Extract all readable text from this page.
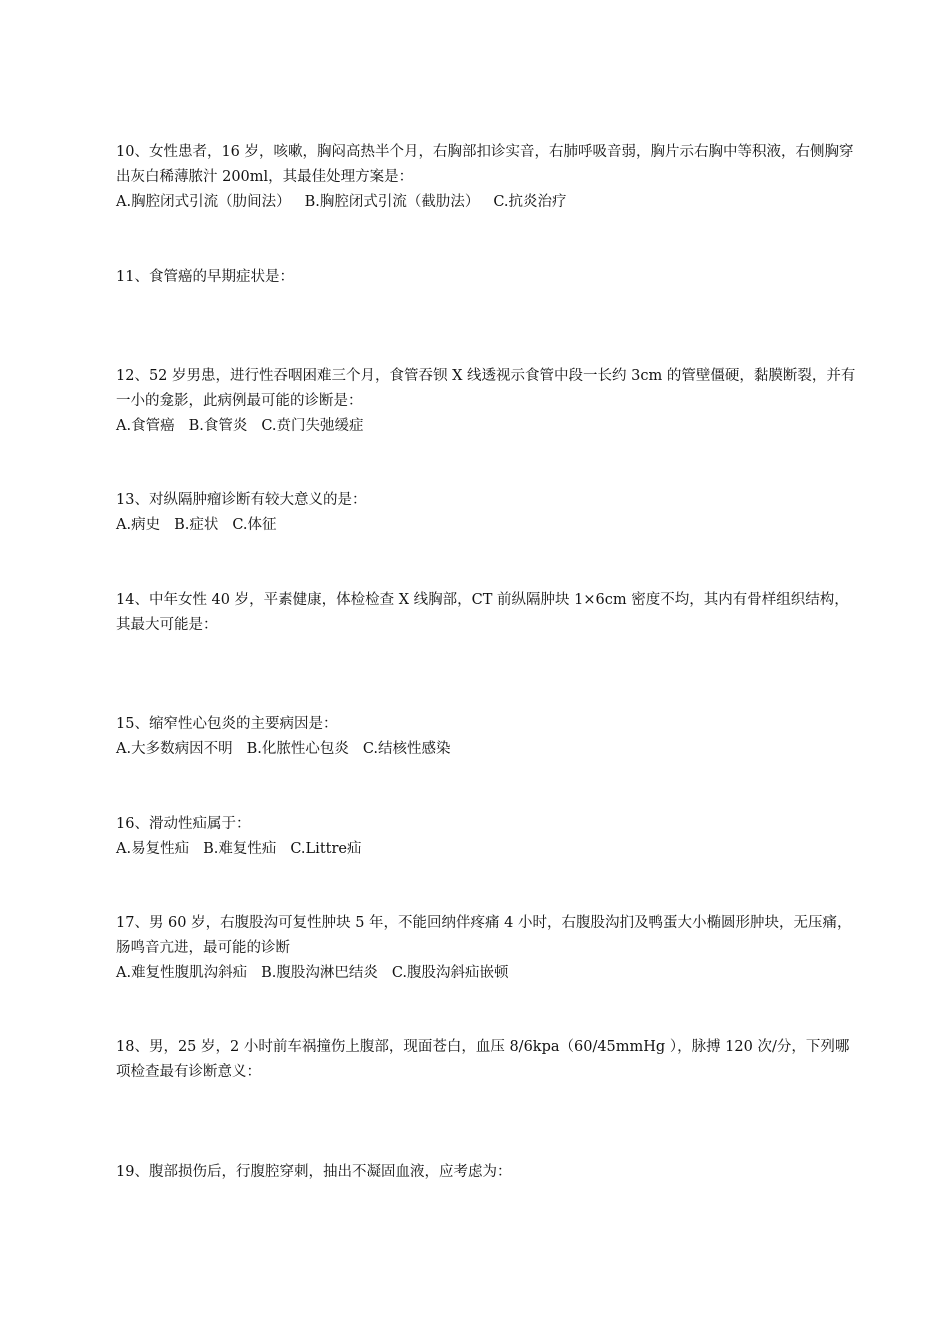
10、女性患者，16 岁，咳嗽，胸闷高热半个月，右胸部扣诊实音，右肺呼吸音弱，胸片示右胸中等积液，右侧胸穿出灰白稀薄脓汁 200ml，其最佳处理方案是：

A.胸腔闭式引流（肋间法） B.胸腔闭式引流（截肋法） C.抗炎治疗

11、食管癌的早期症状是：

12、52 岁男患，进行性吞咽困难三个月，食管吞钡 X 线透视示食管中段一长约 3cm 的管壁僵硬，黏膜断裂，并有一小的龛影，此病例最可能的诊断是：

A.食管癌 B.食管炎 C.贲门失弛缓症

13、对纵隔肿瘤诊断有较大意义的是：

A.病史 B.症状 C.体征

14、中年女性 40 岁，平素健康，体检检查 X 线胸部，CT 前纵隔肿块 1×6cm 密度不均，其内有骨样组织结构，其最大可能是：

15、缩窄性心包炎的主要病因是：

A.大多数病因不明 B.化脓性心包炎 C.结核性感染

16、滑动性疝属于：

A.易复性疝 B.难复性疝 C.Littre疝

17、男 60 岁，右腹股沟可复性肿块 5 年，不能回纳伴疼痛 4 小时，右腹股沟扪及鸭蛋大小椭圆形肿块，无压痛，肠鸣音亢进，最可能的诊断

A.难复性腹肌沟斜疝 B.腹股沟淋巴结炎 C.腹股沟斜疝嵌顿

18、男，25 岁，2 小时前车祸撞伤上腹部，现面苍白，血压 8/6kpa（60/45mmHg ），脉搏 120 次/分，下列哪项检查最有诊断意义：

19、腹部损伤后，行腹腔穿刺，抽出不凝固血液，应考虑为：
